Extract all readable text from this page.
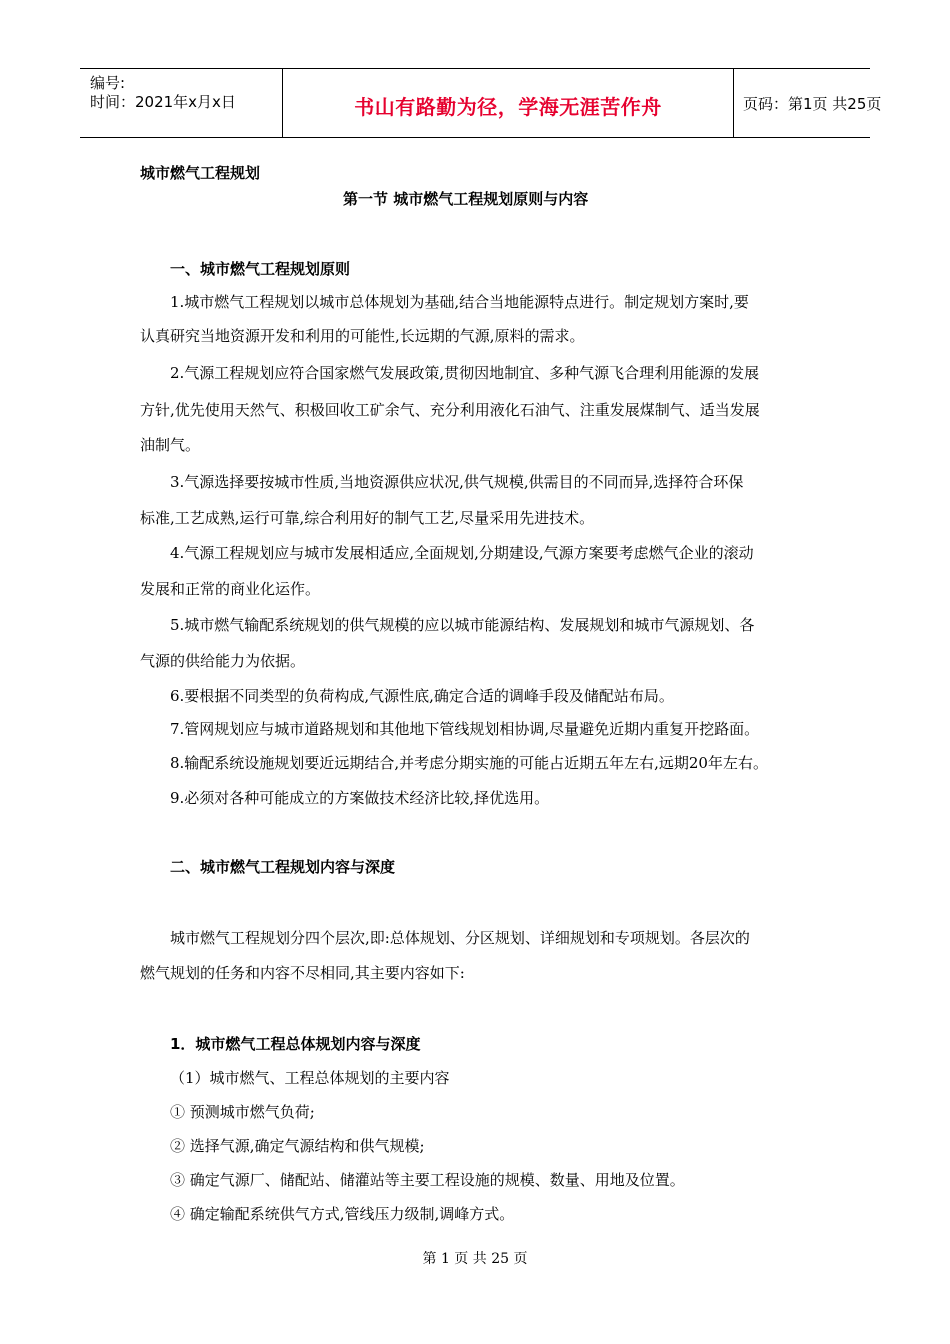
编号:
时间：2021年x月x日	书山有路勤为径，学海无涯苦作舟	页码：第1页 共25页
城市燃气工程规划
第一节 城市燃气工程规划原则与内容
一、城市燃气工程规划原则
1.城市燃气工程规划以城市总体规划为基础,结合当地能源特点进行。制定规划方案时,要
认真研究当地资源开发和利用的可能性,长远期的气源,原料的需求。
2.气源工程规划应符合国家燃气发展政策,贯彻因地制宜、多种气源飞合理利用能源的发展
方针,优先使用天然气、积极回收工矿余气、充分利用液化石油气、注重发展煤制气、适当发展
油制气。
3.气源选择要按城市性质,当地资源供应状况,供气规模,供需目的不同而异,选择符合环保
标准,工艺成熟,运行可靠,综合利用好的制气工艺,尽量采用先进技术。
4.气源工程规划应与城市发展相适应,全面规划,分期建设,气源方案要考虑燃气企业的滚动
发展和正常的商业化运作。
5.城市燃气输配系统规划的供气规模的应以城市能源结构、发展规划和城市气源规划、各
气源的供给能力为依据。
6.要根据不同类型的负荷构成,气源性底,确定合适的调峰手段及储配站布局。
7.管网规划应与城市道路规划和其他地下管线规划相协调,尽量避免近期内重复开挖路面。
8.输配系统设施规划要近远期结合,并考虑分期实施的可能占近期五年左右,远期20年左右。
9.必须对各种可能成立的方案做技术经济比较,择优选用。
二、城市燃气工程规划内容与深度
城市燃气工程规划分四个层次,即:总体规划、分区规划、详细规划和专项规划。各层次的
燃气规划的任务和内容不尽相同,其主要内容如下:
1．城市燃气工程总体规划内容与深度
（1）城市燃气、工程总体规划的主要内容
① 预测城市燃气负荷;
② 选择气源,确定气源结构和供气规模;
③ 确定气源厂、储配站、储灌站等主要工程设施的规模、数量、用地及位置。
④ 确定输配系统供气方式,管线压力级制,调峰方式。
第 1 页 共 25 页
